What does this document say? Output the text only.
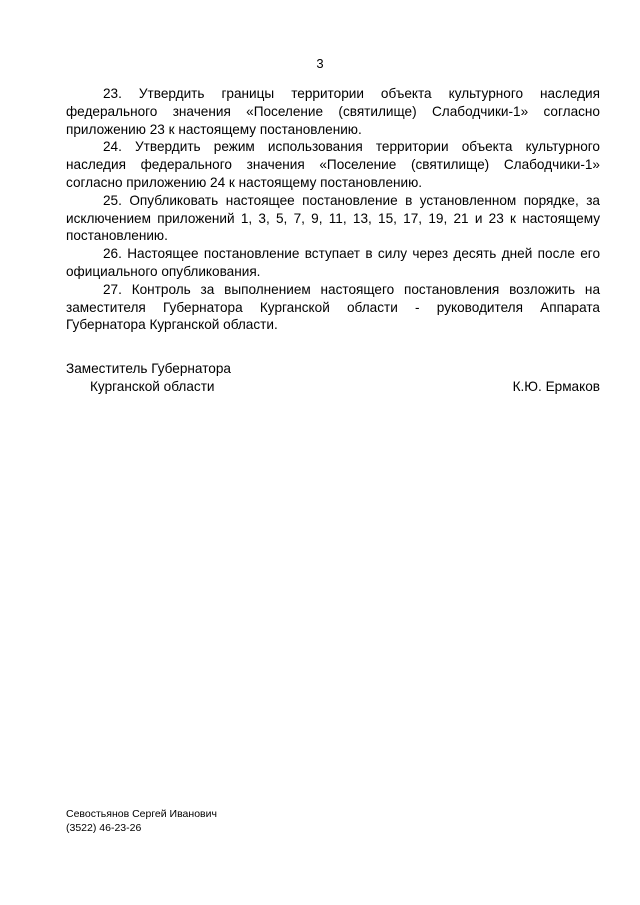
3

23. Утвердить границы территории объекта культурного наследия федерального значения «Поселение (святилище) Слабодчики-1» согласно приложению 23 к настоящему постановлению.

24. Утвердить режим использования территории объекта культурного наследия федерального значения «Поселение (святилище) Слабодчики-1» согласно приложению 24 к настоящему постановлению.

25. Опубликовать настоящее постановление в установленном порядке, за исключением приложений 1, 3, 5, 7, 9, 11, 13, 15, 17, 19, 21 и 23 к настоящему постановлению.

26. Настоящее постановление вступает в силу через десять дней после его официального опубликования.

27. Контроль за выполнением настоящего постановления возложить на заместителя Губернатора Курганской области - руководителя Аппарата Губернатора Курганской области.

Заместитель Губернатора
Курганской области	К.Ю. Ермаков
Севостьянов Сергей Иванович
(3522) 46-23-26
